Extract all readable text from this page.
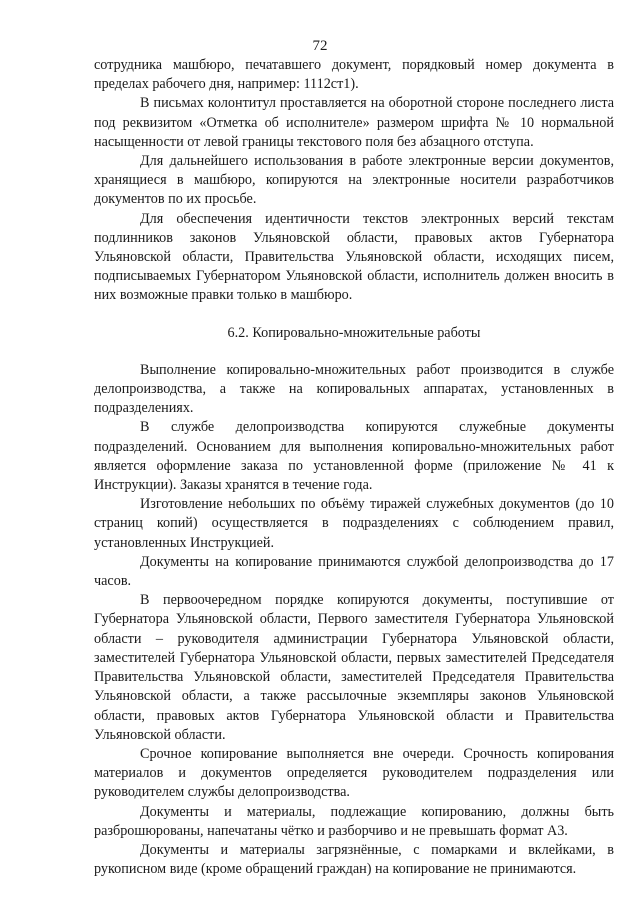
72

сотрудника машбюро, печатавшего документ, порядковый номер документа в пределах рабочего дня, например: 1112ст1).

В письмах колонтитул проставляется на оборотной стороне последнего листа под реквизитом «Отметка об исполнителе» размером шрифта № 10 нормальной насыщенности от левой границы текстового поля без абзацного отступа.

Для дальнейшего использования в работе электронные версии документов, хранящиеся в машбюро, копируются на электронные носители разработчиков документов по их просьбе.

Для обеспечения идентичности текстов электронных версий текстам подлинников законов Ульяновской области, правовых актов Губернатора Ульяновской области, Правительства Ульяновской области, исходящих писем, подписываемых Губернатором Ульяновской области, исполнитель должен вносить в них возможные правки только в машбюро.

6.2. Копировально-множительные работы

Выполнение копировально-множительных работ производится в службе делопроизводства, а также на копировальных аппаратах, установленных в подразделениях.

В службе делопроизводства копируются служебные документы подразделений. Основанием для выполнения копировально-множительных работ является оформление заказа по установленной форме (приложение № 41 к Инструкции). Заказы хранятся в течение года.

Изготовление небольших по объёму тиражей служебных документов (до 10 страниц копий) осуществляется в подразделениях с соблюдением правил, установленных Инструкцией.

Документы на копирование принимаются службой делопроизводства до 17 часов.

В первоочередном порядке копируются документы, поступившие от Губернатора Ульяновской области, Первого заместителя Губернатора Ульяновской области – руководителя администрации Губернатора Ульяновской области, заместителей Губернатора Ульяновской области, первых заместителей Председателя Правительства Ульяновской области, заместителей Председателя Правительства Ульяновской области, а также рассылочные экземпляры законов Ульяновской области, правовых актов Губернатора Ульяновской области и Правительства Ульяновской области.

Срочное копирование выполняется вне очереди. Срочность копирования материалов и документов определяется руководителем подразделения или руководителем службы делопроизводства.

Документы и материалы, подлежащие копированию, должны быть разброшюрованы, напечатаны чётко и разборчиво и не превышать формат А3.

Документы и материалы загрязнённые, с помарками и вклейками, в рукописном виде (кроме обращений граждан) на копирование не принимаются.
